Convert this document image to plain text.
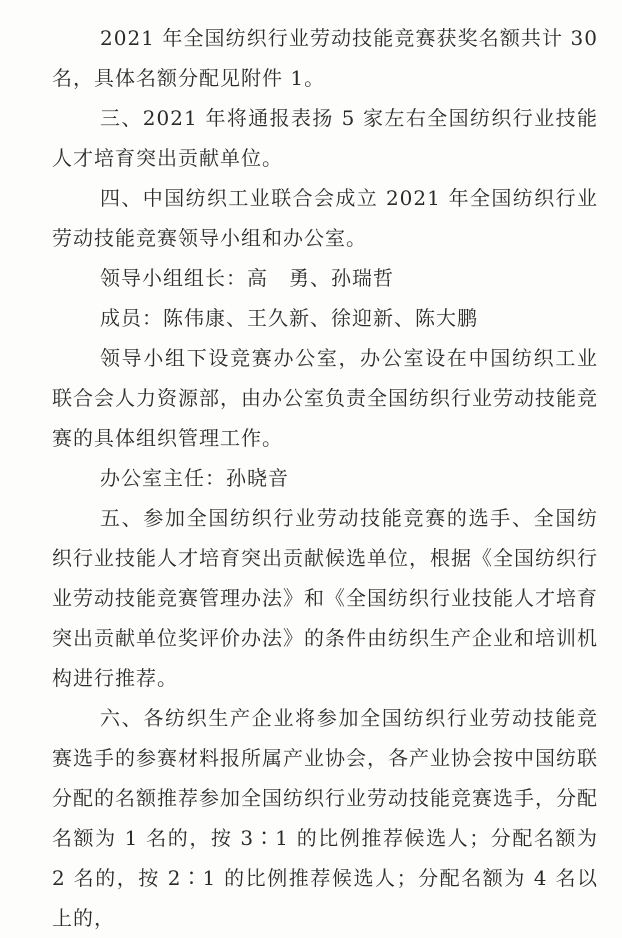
2021 年全国纺织行业劳动技能竞赛获奖名额共计 30 名，具体名额分配见附件 1。

三、2021 年将通报表扬 5 家左右全国纺织行业技能人才培育突出贡献单位。

四、中国纺织工业联合会成立 2021 年全国纺织行业劳动技能竞赛领导小组和办公室。

领导小组组长：高　勇、孙瑞哲

成员：陈伟康、王久新、徐迎新、陈大鹏

领导小组下设竞赛办公室，办公室设在中国纺织工业联合会人力资源部，由办公室负责全国纺织行业劳动技能竞赛的具体组织管理工作。

办公室主任：孙晓音

五、参加全国纺织行业劳动技能竞赛的选手、全国纺织行业技能人才培育突出贡献候选单位，根据《全国纺织行业劳动技能竞赛管理办法》和《全国纺织行业技能人才培育突出贡献单位奖评价办法》的条件由纺织生产企业和培训机构进行推荐。

六、各纺织生产企业将参加全国纺织行业劳动技能竞赛选手的参赛材料报所属产业协会，各产业协会按中国纺联分配的名额推荐参加全国纺织行业劳动技能竞赛选手，分配名额为 1 名的，按 3∶1 的比例推荐候选人；分配名额为 2 名的，按 2∶1 的比例推荐候选人；分配名额为 4 名以上的，
